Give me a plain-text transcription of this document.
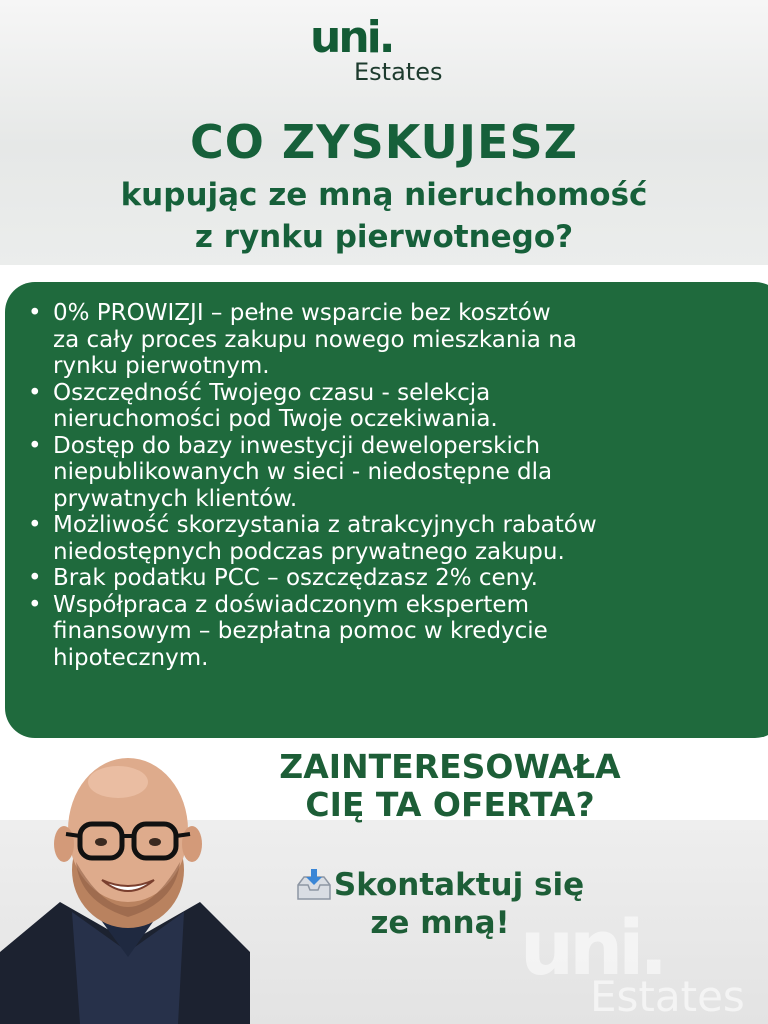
uni.
Estates
CO ZYSKUJESZ
kupując ze mną nieruchomość
z rynku pierwotnego?
• 0% PROWIZJI – pełne wsparcie bez kosztów
za cały proces zakupu nowego mieszkania na
rynku pierwotnym.
• Oszczędność Twojego czasu - selekcja
nieruchomości pod Twoje oczekiwania.
• Dostęp do bazy inwestycji deweloperskich
niepublikowanych w sieci - niedostępne dla
prywatnych klientów.
• Możliwość skorzystania z atrakcyjnych rabatów
niedostępnych podczas prywatnego zakupu.
• Brak podatku PCC – oszczędzasz 2% ceny.
• Współpraca z doświadczonym ekspertem
finansowym – bezpłatna pomoc w kredycie
hipotecznym.
ZAINTERESOWAŁA
CIĘ TA OFERTA?
Skontaktuj się
ze mną! uni.
Estates
